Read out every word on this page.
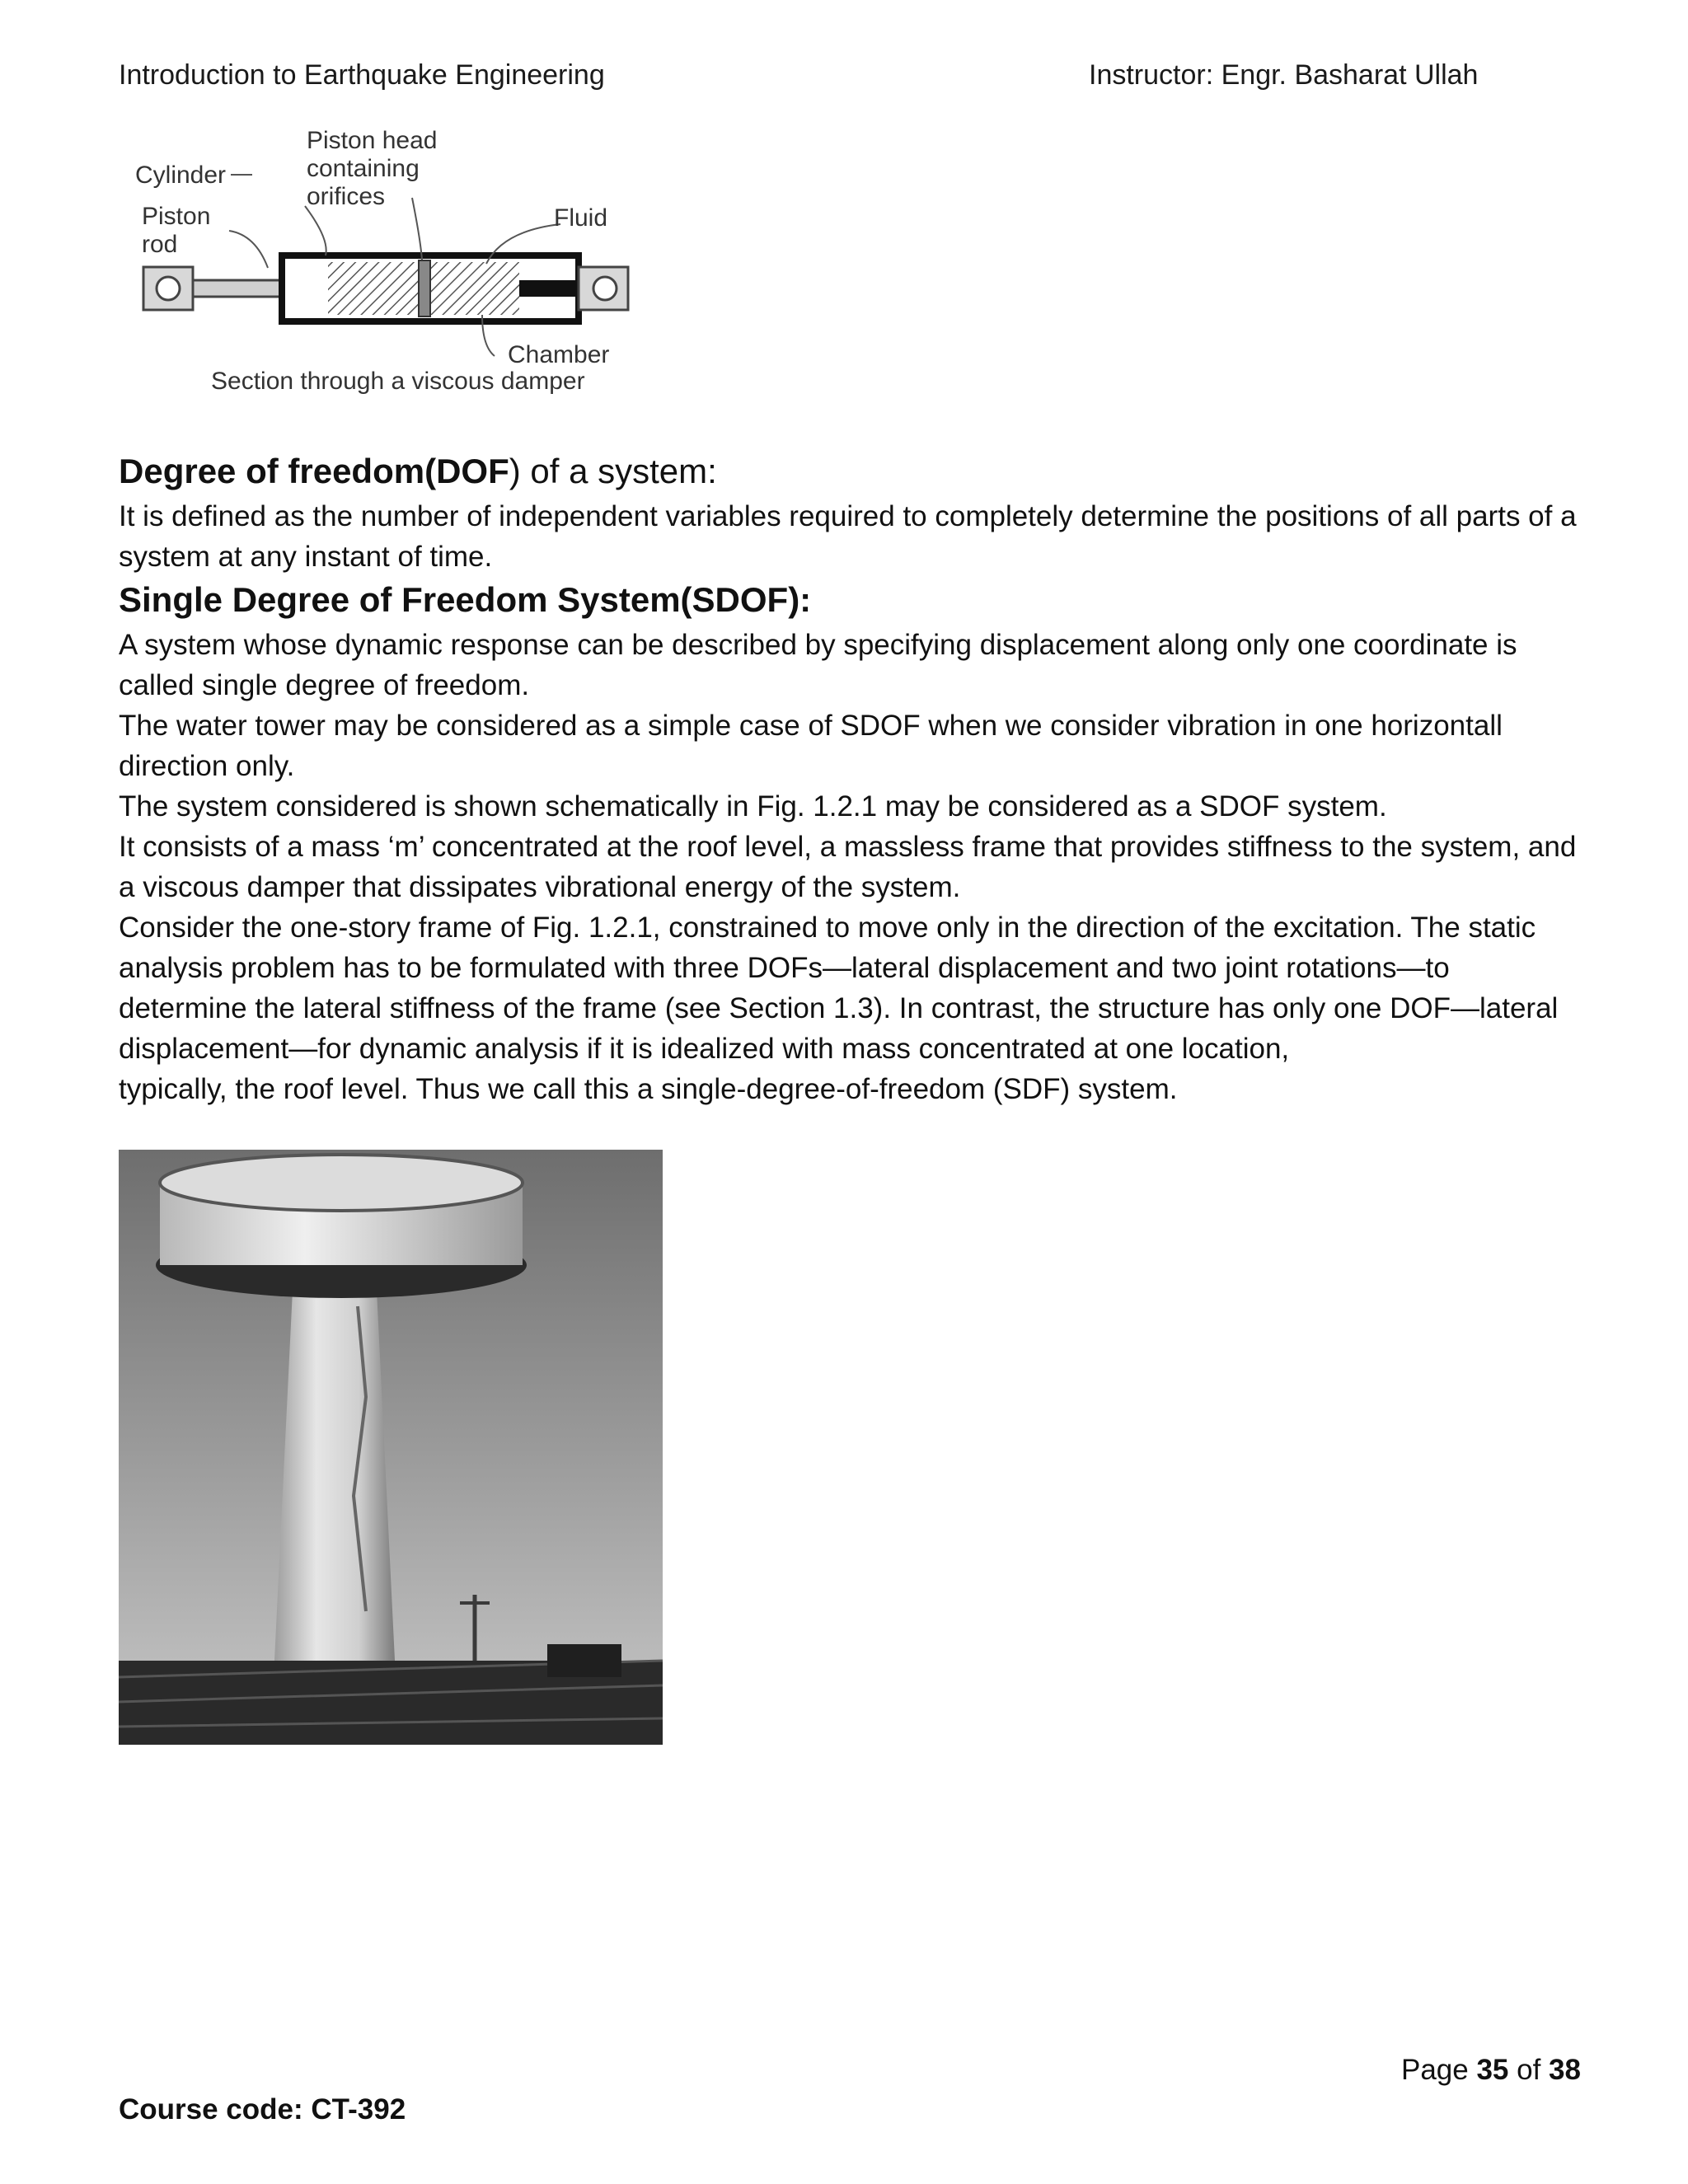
Introduction to Earthquake Engineering	Instructor: Engr. Basharat Ullah
Piston head
containing
orifices
Cylinder
Piston
rod
Fluid
Chamber
Section through a viscous damper
Degree of freedom(DOF) of a system:

It is defined as the number of independent variables required to completely determine the positions of all parts of a system at any instant of time.

Single Degree of Freedom System(SDOF):

A system whose dynamic response can be described by specifying displacement along only one coordinate is called single degree of freedom.

The water tower may be considered as a simple case of SDOF when we consider vibration in one horizontall direction only.

The system considered is shown schematically in Fig. 1.2.1 may be considered as a SDOF system.

It consists of a mass ‘m’ concentrated at the roof level, a massless frame that provides stiffness to the system, and a viscous damper that dissipates vibrational energy of the system.

Consider the one-story frame of Fig. 1.2.1, constrained to move only in the direction of the excitation. The static analysis problem has to be formulated with three DOFs—lateral displacement and two joint rotations—to determine the lateral stiffness of the frame (see Section 1.3). In contrast, the structure has only one DOF—lateral displacement—for dynamic analysis if it is idealized with mass concentrated at one location,

typically, the roof level. Thus we call this a single-degree-of-freedom (SDF) system.

Page 35 of 38
Course code: CT-392
